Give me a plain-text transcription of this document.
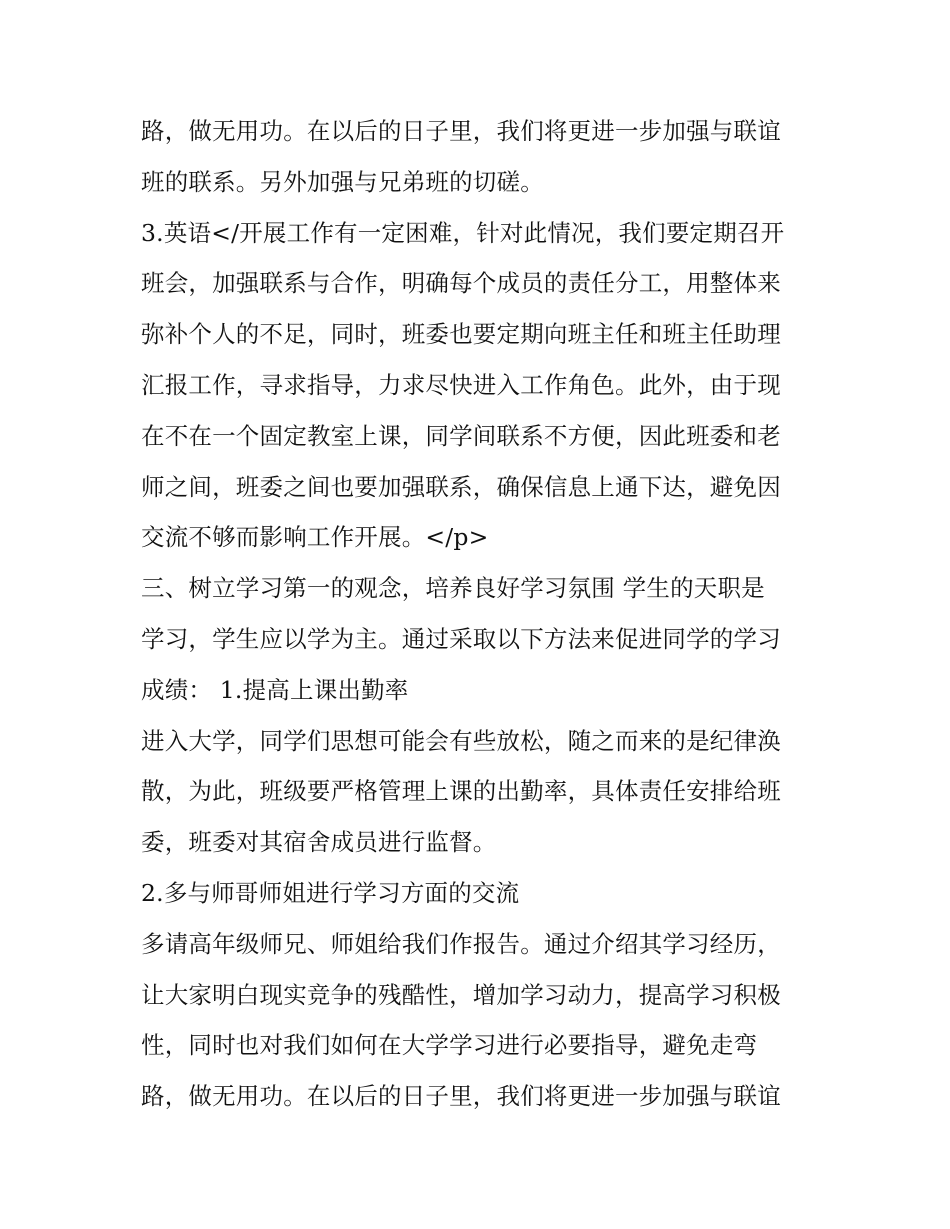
路，做无用功。在以后的日子里，我们将更进一步加强与联谊
班的联系。另外加强与兄弟班的切磋。
3.英语</开展工作有一定困难，针对此情况，我们要定期召开
班会，加强联系与合作，明确每个成员的责任分工，用整体来
弥补个人的不足，同时，班委也要定期向班主任和班主任助理
汇报工作，寻求指导，力求尽快进入工作角色。此外，由于现
在不在一个固定教室上课，同学间联系不方便，因此班委和老
师之间，班委之间也要加强联系，确保信息上通下达，避免因
交流不够而影响工作开展。</p>
三、树立学习第一的观念，培养良好学习氛围 学生的天职是
学习，学生应以学为主。通过采取以下方法来促进同学的学习
成绩： 1.提高上课出勤率
进入大学，同学们思想可能会有些放松，随之而来的是纪律涣
散，为此，班级要严格管理上课的出勤率，具体责任安排给班
委，班委对其宿舍成员进行监督。
2.多与师哥师姐进行学习方面的交流
多请高年级师兄、师姐给我们作报告。通过介绍其学习经历，
让大家明白现实竞争的残酷性，增加学习动力，提高学习积极
性，同时也对我们如何在大学学习进行必要指导，避免走弯
路，做无用功。在以后的日子里，我们将更进一步加强与联谊
